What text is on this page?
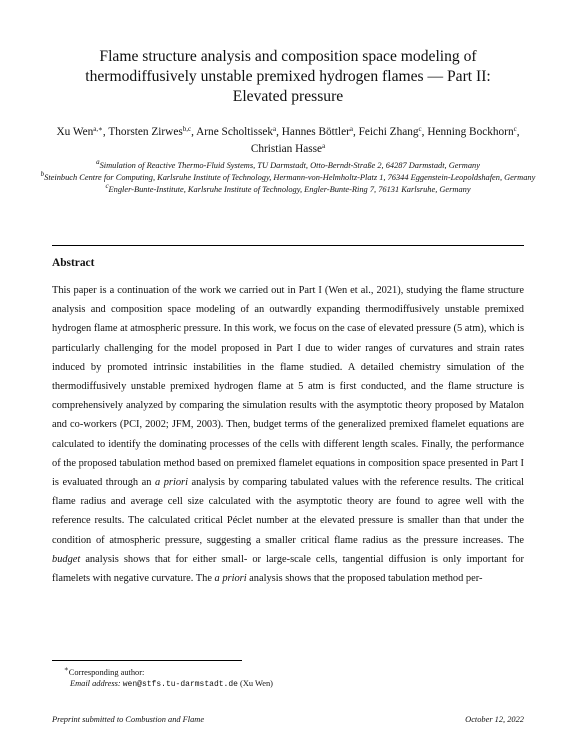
Flame structure analysis and composition space modeling of
thermodiffusively unstable premixed hydrogen flames — Part II:
Elevated pressure
Xu Wen$^{a,∗}$, Thorsten Zirwes$^{b,c}$, Arne Scholtissek$^a$, Hannes Böttler$^a$, Feichi Zhang$^c$, Henning Bockhorn$^c$, Christian Hasse$^a$
$^a$Simulation of Reactive Thermo-Fluid Systems, TU Darmstadt, Otto-Berndt-Straße 2, 64287 Darmstadt, Germany
$^b$Steinbuch Centre for Computing, Karlsruhe Institute of Technology, Hermann-von-Helmholtz-Platz 1, 76344 Eggenstein-Leopoldshafen, Germany
$^c$Engler-Bunte-Institute, Karlsruhe Institute of Technology, Engler-Bunte-Ring 7, 76131 Karlsruhe, Germany
Abstract
This paper is a continuation of the work we carried out in Part I (Wen et al., 2021), studying the flame structure analysis and composition space modeling of an outwardly expanding thermodiffusively unstable premixed hydrogen flame at atmospheric pressure. In this work, we focus on the case of elevated pressure (5 atm), which is particularly challenging for the model proposed in Part I due to wider ranges of curvatures and strain rates induced by promoted intrinsic instabilities in the flame studied. A detailed chemistry simulation of the thermodiffusively unstable premixed hydrogen flame at 5 atm is first conducted, and the flame structure is comprehensively analyzed by comparing the simulation results with the asymptotic theory proposed by Matalon and co-workers (PCI, 2002; JFM, 2003). Then, budget terms of the generalized premixed flamelet equations are calculated to identify the dominating processes of the cells with different length scales. Finally, the performance of the proposed tabulation method based on premixed flamelet equations in composition space presented in Part I is evaluated through an a priori analysis by comparing tabulated values with the reference results. The critical flame radius and average cell size calculated with the asymptotic theory are found to agree well with the reference results. The calculated critical Péclet number at the elevated pressure is smaller than that under the condition of atmospheric pressure, suggesting a smaller critical flame radius as the pressure increases. The budget analysis shows that for either small- or large-scale cells, tangential diffusion is only important for flamelets with negative curvature. The a priori analysis shows that the proposed tabulation method per-
∗Corresponding author:
Email address: wen@stfs.tu-darmstadt.de (Xu Wen)
Preprint submitted to Combustion and Flame	October 12, 2022
